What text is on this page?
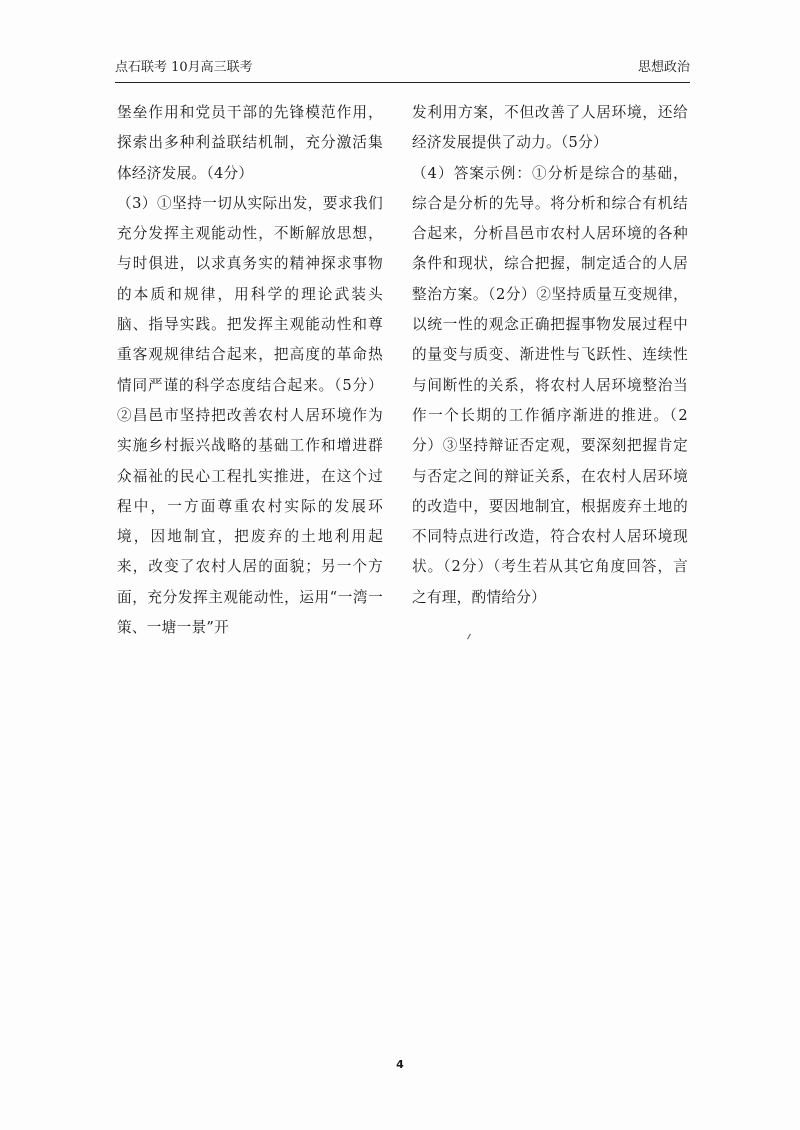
点石联考 10月高三联考	思想政治

堡垒作用和党员干部的先锋模范作用，探索出多种利益联结机制，充分激活集体经济发展。（4分）

（3）①坚持一切从实际出发，要求我们充分发挥主观能动性，不断解放思想，与时俱进，以求真务实的精神探求事物的本质和规律，用科学的理论武装头脑、指导实践。把发挥主观能动性和尊重客观规律结合起来，把高度的革命热情同严谨的科学态度结合起来。（5分）②昌邑市坚持把改善农村人居环境作为实施乡村振兴战略的基础工作和增进群众福祉的民心工程扎实推进，在这个过程中，一方面尊重农村实际的发展环境，因地制宜，把废弃的土地利用起来，改变了农村人居的面貌；另一个方面，充分发挥主观能动性，运用“一湾一策、一塘一景”开

发利用方案，不但改善了人居环境，还给经济发展提供了动力。（5分）

（4）答案示例：①分析是综合的基础，综合是分析的先导。将分析和综合有机结合起来，分析昌邑市农村人居环境的各种条件和现状，综合把握，制定适合的人居整治方案。（2分）②坚持质量互变规律，以统一性的观念正确把握事物发展过程中的量变与质变、渐进性与飞跃性、连续性与间断性的关系，将农村人居环境整治当作一个长期的工作循序渐进的推进。（2分）③坚持辩证否定观，要深刻把握肯定与否定之间的辩证关系，在农村人居环境的改造中，要因地制宜，根据废弃土地的不同特点进行改造，符合农村人居环境现状。（2分）（考生若从其它角度回答，言之有理，酌情给分）

4
